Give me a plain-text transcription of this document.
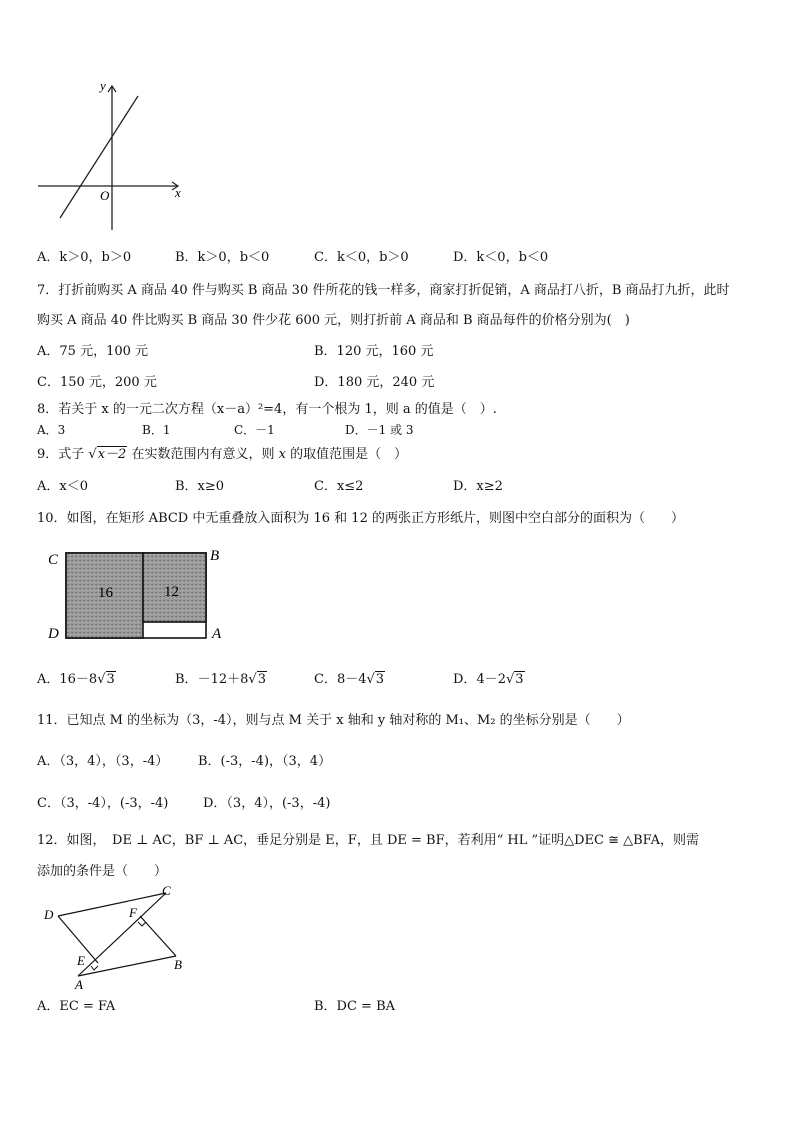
y
x
O
A．k＞0，b＞0	B．k＞0，b＜0	C．k＜0，b＞0	D．k＜0，b＜0
7．打折前购买 A 商品 40 件与购买 B 商品 30 件所花的钱一样多，商家打折促销，A 商品打八折，B 商品打九折，此时
购买 A 商品 40 件比购买 B 商品 30 件少花 600 元，则打折前 A 商品和 B 商品每件的价格分别为(　)
A．75 元，100 元	B．120 元，160 元
C．150 元，200 元	D．180 元，240 元
8．若关于 x 的一元二次方程（x－a）²=4，有一个根为 1，则 a 的值是（　）.
A．3	B．1	C．－1	D．－1 或 3
9．式子 √x－2 在实数范围内有意义，则 x 的取值范围是（　）
A．x＜0	B．x≥0	C．x≤2	D．x≥2
10．如图，在矩形 ABCD 中无重叠放入面积为 16 和 12 的两张正方形纸片，则图中空白部分的面积为（　　）
C	B
D	A
16	12
A．16－8√3	B．－12＋8√3	C．8－4√3	D．4－2√3
11．已知点 M 的坐标为（3，-4），则与点 M 关于 x 轴和 y 轴对称的 M₁、M₂ 的坐标分别是（　　）
A．（3，4），（3，-4） B．(-3，-4)，（3，4）
C．（3，-4），(-3，-4)	D．（3，4），(-3，-4)
12．如图，　DE ⊥ AC，BF ⊥ AC，垂足分别是 E，F，且 DE = BF，若利用“ HL ”证明△DEC ≅ △BFA，则需
添加的条件是（　　）
C
D	F
E	B
A
A．EC = FA	B．DC = BA
